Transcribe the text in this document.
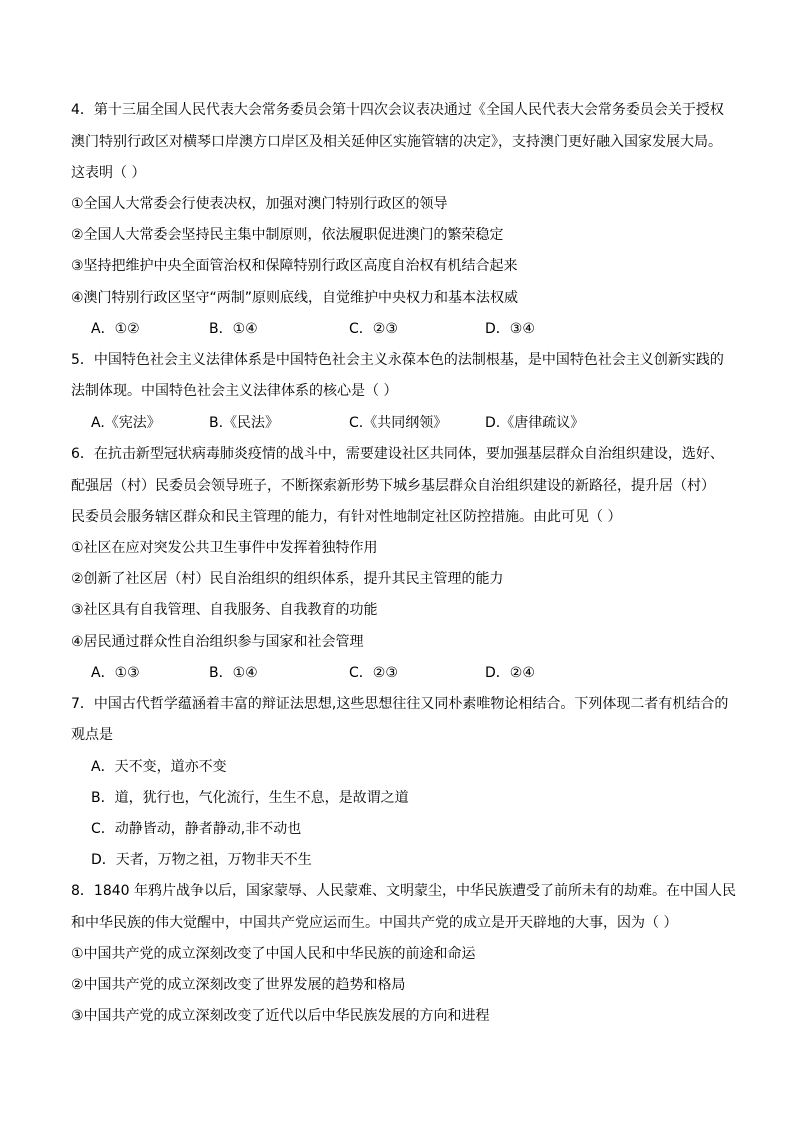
4．第十三届全国人民代表大会常务委员会第十四次会议表决通过《全国人民代表大会常务委员会关于授权
澳门特别行政区对横琴口岸澳方口岸区及相关延伸区实施管辖的决定》，支持澳门更好融入国家发展大局。
这表明（ ）
①全国人大常委会行使表决权，加强对澳门特别行政区的领导
②全国人大常委会坚持民主集中制原则，依法履职促进澳门的繁荣稳定
③坚持把维护中央全面管治权和保障特别行政区高度自治权有机结合起来
④澳门特别行政区坚守“两制”原则底线，自觉维护中央权力和基本法权威
A．①②	B．①④	C．②③	D．③④
5．中国特色社会主义法律体系是中国特色社会主义永葆本色的法制根基，是中国特色社会主义创新实践的
法制体现。中国特色社会主义法律体系的核心是（ ）
A.《宪法》	B.《民法》	C.《共同纲领》	D.《唐律疏议》
6．在抗击新型冠状病毒肺炎疫情的战斗中，需要建设社区共同体，要加强基层群众自治组织建设，选好、
配强居（村）民委员会领导班子，不断探索新形势下城乡基层群众自治组织建设的新路径，提升居（村）
民委员会服务辖区群众和民主管理的能力，有针对性地制定社区防控措施。由此可见（ ）
①社区在应对突发公共卫生事件中发挥着独特作用
②创新了社区居（村）民自治组织的组织体系，提升其民主管理的能力
③社区具有自我管理、自我服务、自我教育的功能
④居民通过群众性自治组织参与国家和社会管理
A．①③	B．①④	C．②③	D．②④
7．中国古代哲学蕴涵着丰富的辩证法思想,这些思想往往又同朴素唯物论相结合。下列体现二者有机结合的
观点是
A．天不变，道亦不变
B．道，犹行也，气化流行，生生不息，是故谓之道
C．动静皆动，静者静动,非不动也
D．天者，万物之祖，万物非天不生
8．1840 年鸦片战争以后，国家蒙辱、人民蒙难、文明蒙尘，中华民族遭受了前所未有的劫难。在中国人民
和中华民族的伟大觉醒中，中国共产党应运而生。中国共产党的成立是开天辟地的大事，因为（ ）
①中国共产党的成立深刻改变了中国人民和中华民族的前途和命运
②中国共产党的成立深刻改变了世界发展的趋势和格局
③中国共产党的成立深刻改变了近代以后中华民族发展的方向和进程
